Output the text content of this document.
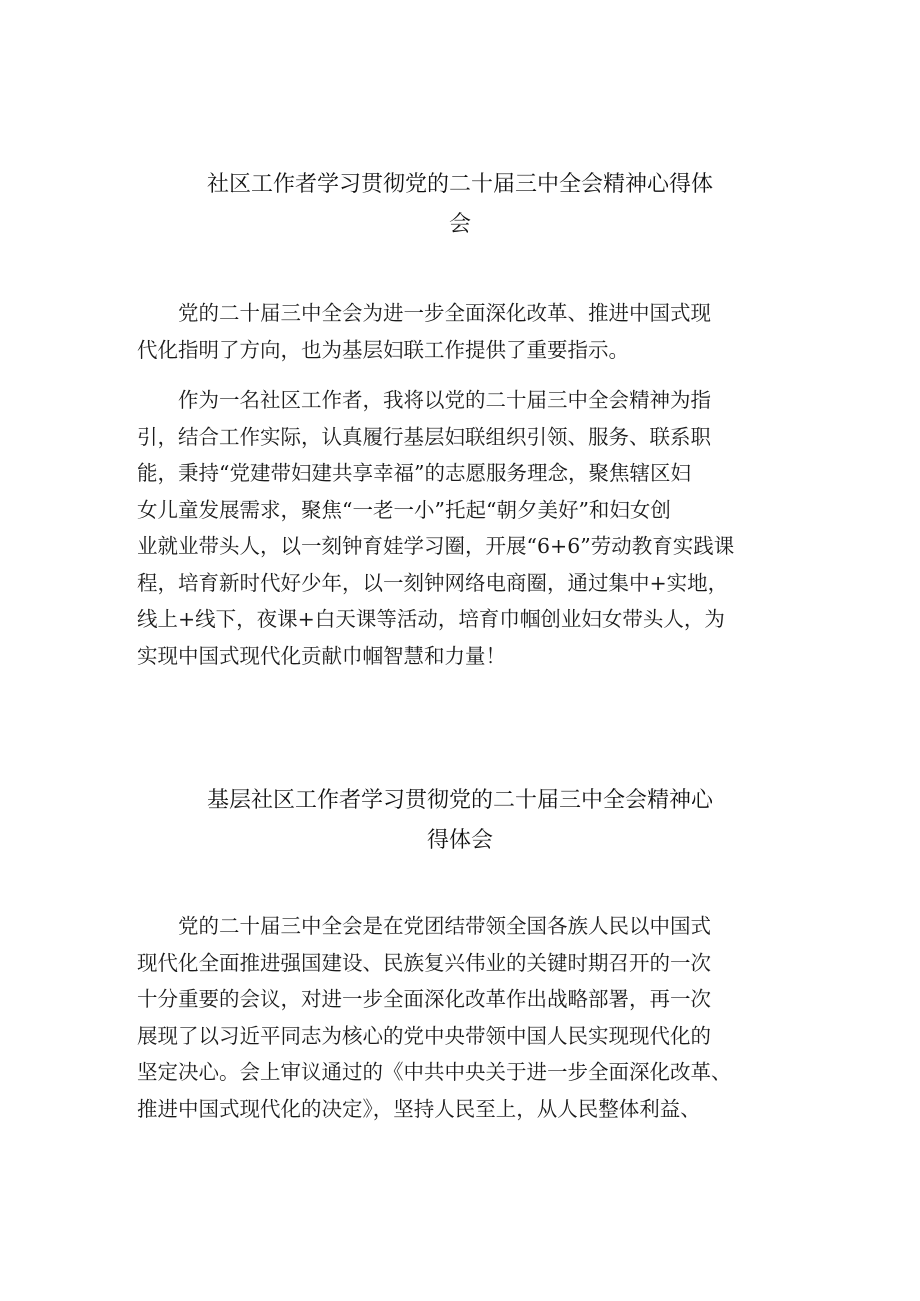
社区工作者学习贯彻党的二十届三中全会精神心得体
会
　　党的二十届三中全会为进一步全面深化改革、推进中国式现
代化指明了方向，也为基层妇联工作提供了重要指示。
　　作为一名社区工作者，我将以党的二十届三中全会精神为指
引，结合工作实际，认真履行基层妇联组织引领、服务、联系职
能，秉持“党建带妇建共享幸福”的志愿服务理念，聚焦辖区妇
女儿童发展需求，聚焦“一老一小”托起“朝夕美好”和妇女创
业就业带头人，以一刻钟育娃学习圈，开展“6+6”劳动教育实践课
程，培育新时代好少年，以一刻钟网络电商圈，通过集中+实地，
线上+线下，夜课+白天课等活动，培育巾帼创业妇女带头人，为
实现中国式现代化贡献巾帼智慧和力量！
基层社区工作者学习贯彻党的二十届三中全会精神心
得体会
　　党的二十届三中全会是在党团结带领全国各族人民以中国式
现代化全面推进强国建设、民族复兴伟业的关键时期召开的一次
十分重要的会议，对进一步全面深化改革作出战略部署，再一次
展现了以习近平同志为核心的党中央带领中国人民实现现代化的
坚定决心。会上审议通过的《中共中央关于进一步全面深化改革、
推进中国式现代化的决定》，坚持人民至上，从人民整体利益、
